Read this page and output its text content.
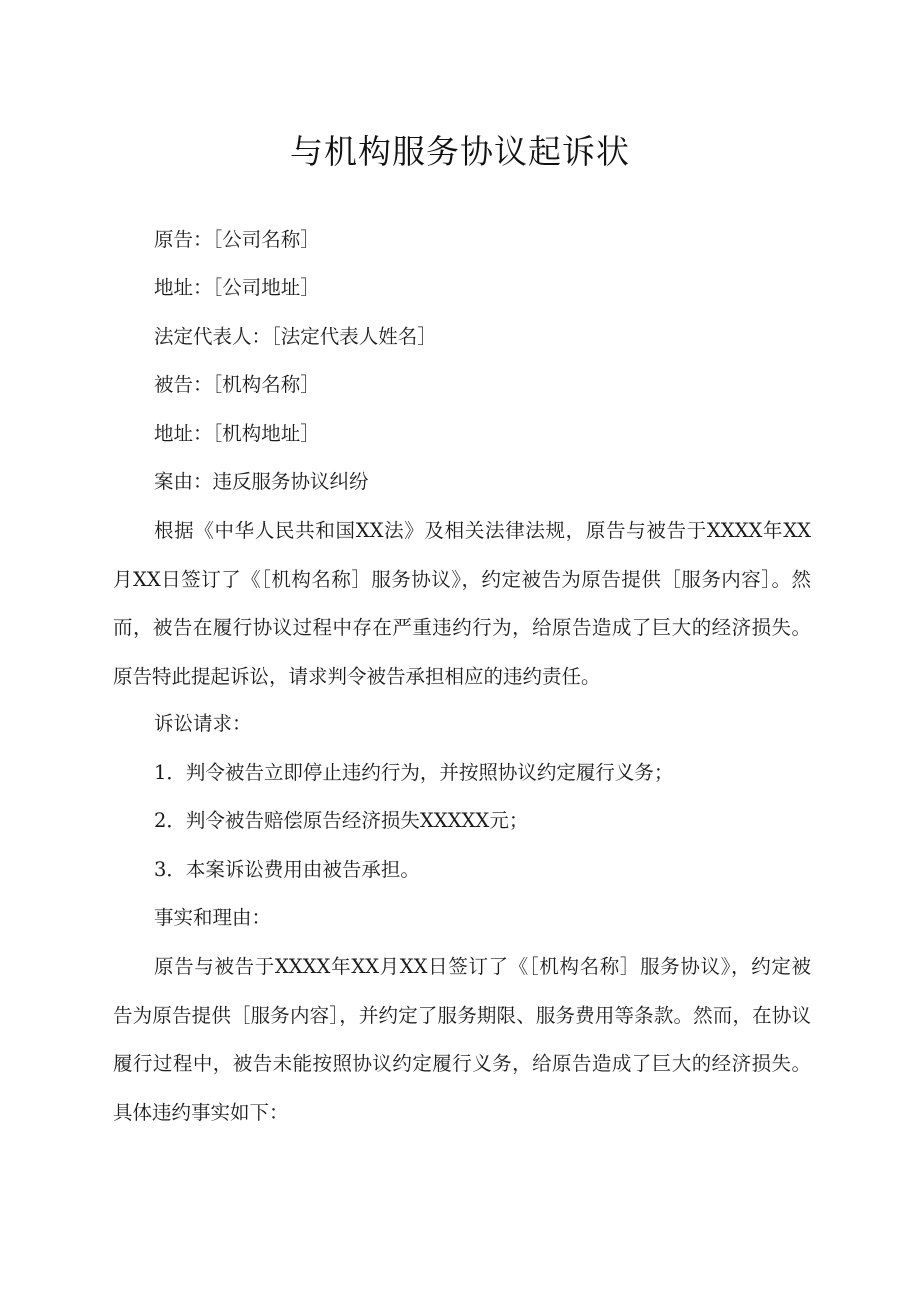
与机构服务协议起诉状

原告：［公司名称］

地址：［公司地址］

法定代表人：［法定代表人姓名］

被告：［机构名称］

地址：［机构地址］

案由：违反服务协议纠纷

根据《中华人民共和国XX法》及相关法律法规，原告与被告于XXXX年XX月XX日签订了《［机构名称］服务协议》，约定被告为原告提供［服务内容］。然而，被告在履行协议过程中存在严重违约行为，给原告造成了巨大的经济损失。原告特此提起诉讼，请求判令被告承担相应的违约责任。

诉讼请求：

1．判令被告立即停止违约行为，并按照协议约定履行义务；

2．判令被告赔偿原告经济损失XXXXX元；

3．本案诉讼费用由被告承担。

事实和理由：

原告与被告于XXXX年XX月XX日签订了《［机构名称］服务协议》，约定被告为原告提供［服务内容］，并约定了服务期限、服务费用等条款。然而，在协议履行过程中，被告未能按照协议约定履行义务，给原告造成了巨大的经济损失。具体违约事实如下：
